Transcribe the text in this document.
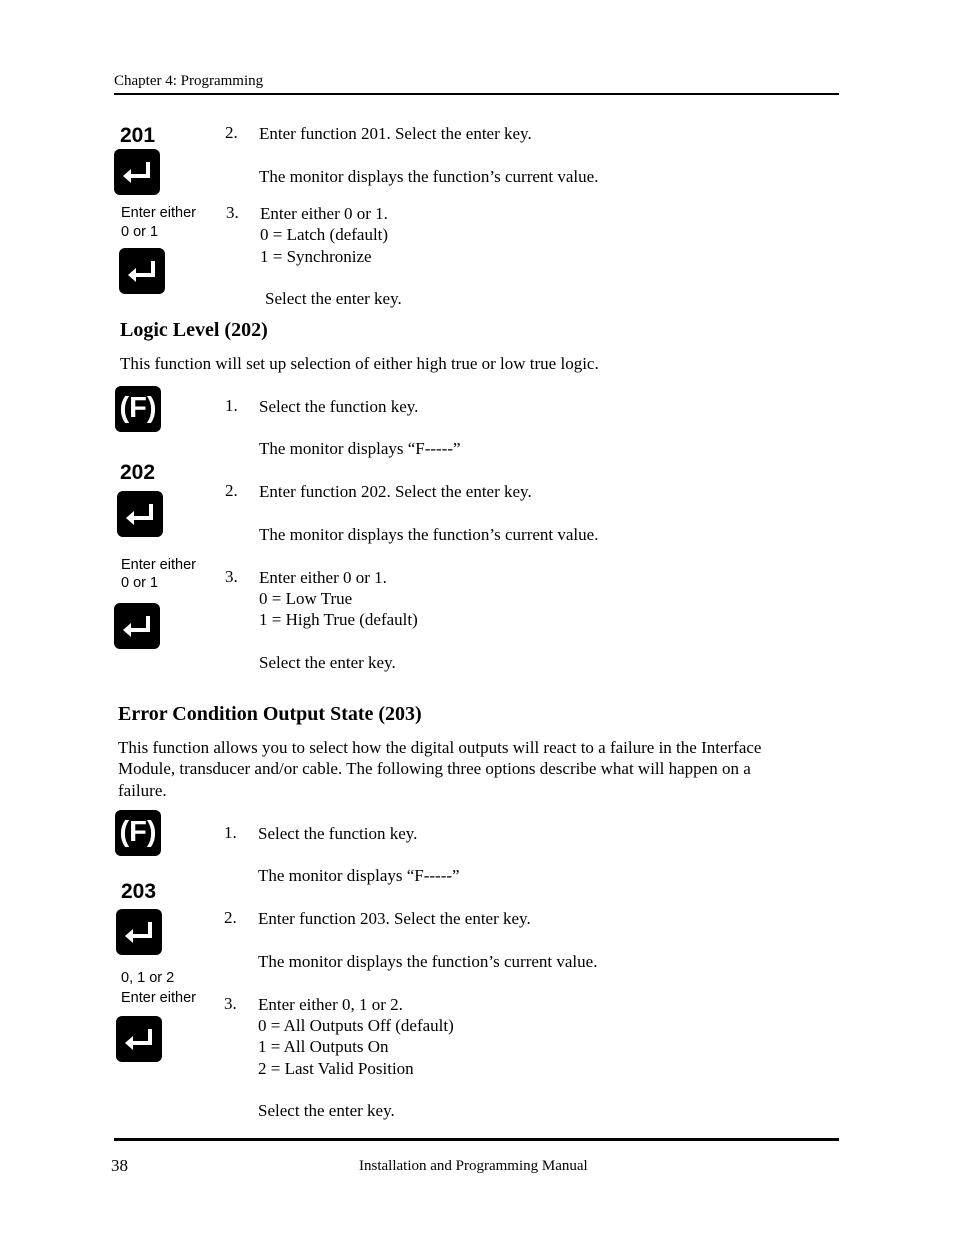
Chapter 4: Programming
201	2. Enter function 201. Select the enter key.
The monitor displays the function’s current value.
Enter either
0 or 1
3. Enter either 0 or 1.
0 = Latch (default)
1 = Synchronize
Select the enter key.
Logic Level (202)
This function will set up selection of either high true or low true logic.
(F)	1. Select the function key.
The monitor displays “F-----”
202
2. Enter function 202. Select the enter key.
The monitor displays the function’s current value.
Enter either
0 or 1	3. Enter either 0 or 1.
0 = Low True
1 = High True (default)
Select the enter key.
Error Condition Output State (203)
This function allows you to select how the digital outputs will react to a failure in the Interface
Module, transducer and/or cable. The following three options describe what will happen on a
failure.
(F)	1. Select the function key.
The monitor displays “F-----”
203
2. Enter function 203. Select the enter key.
The monitor displays the function’s current value.
0, 1 or 2
Enter either 3. Enter either 0, 1 or 2.
0 = All Outputs Off (default)
1 = All Outputs On
2 = Last Valid Position
Select the enter key.
38	Installation and Programming Manual
